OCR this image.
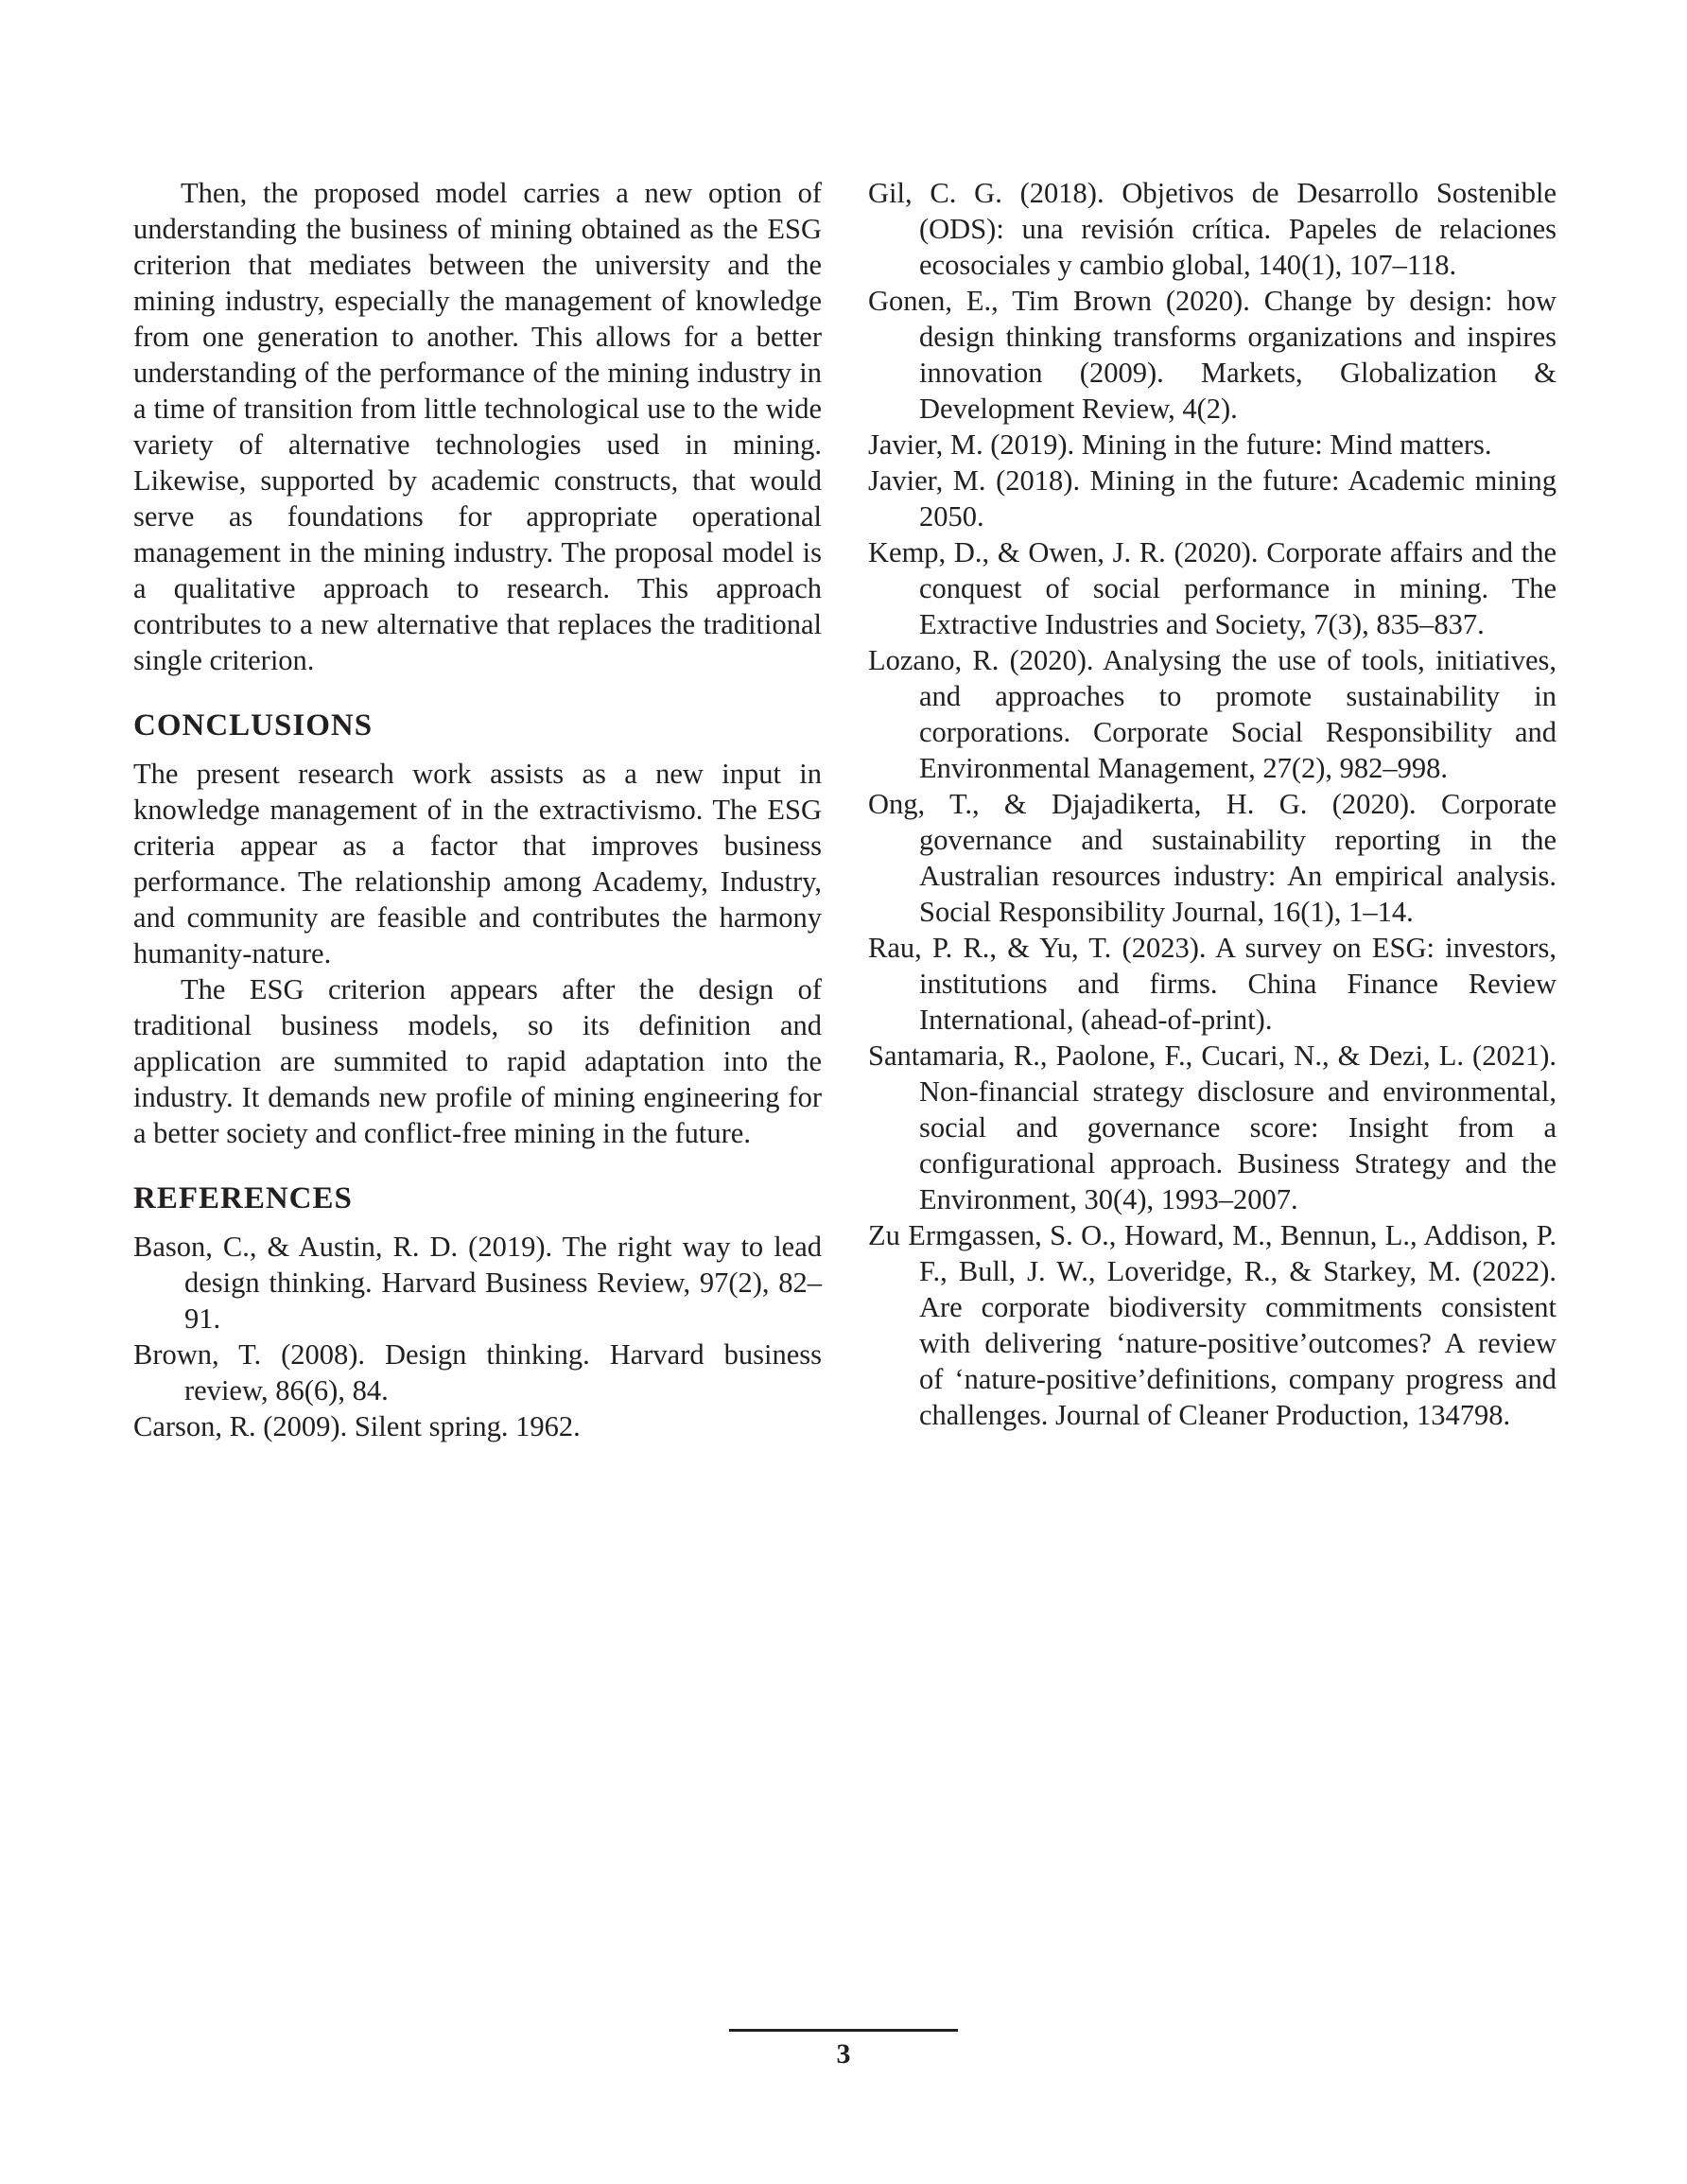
Then, the proposed model carries a new option of understanding the business of mining obtained as the ESG criterion that mediates between the university and the mining industry, especially the management of knowledge from one generation to another. This allows for a better understanding of the performance of the mining industry in a time of transition from little technological use to the wide variety of alternative technologies used in mining. Likewise, supported by academic constructs, that would serve as foundations for appropriate operational management in the mining industry. The proposal model is a qualitative approach to research. This approach contributes to a new alternative that replaces the traditional single criterion.

CONCLUSIONS

The present research work assists as a new input in knowledge management of in the extractivismo. The ESG criteria appear as a factor that improves business performance. The relationship among Academy, Industry, and community are feasible and contributes the harmony humanity-nature.

The ESG criterion appears after the design of traditional business models, so its definition and application are summited to rapid adaptation into the industry. It demands new profile of mining engineering for a better society and conflict-free mining in the future.

REFERENCES
Bason, C., & Austin, R. D. (2019). The right way to lead design thinking. Harvard Business Review, 97(2), 82–91.
Brown, T. (2008). Design thinking. Harvard business review, 86(6), 84.
Carson, R. (2009). Silent spring. 1962.
Gil, C. G. (2018). Objetivos de Desarrollo Sostenible (ODS): una revisión crítica. Papeles de relaciones ecosociales y cambio global, 140(1), 107–118.
Gonen, E., Tim Brown (2020). Change by design: how design thinking transforms organizations and inspires innovation (2009). Markets, Globalization & Development Review, 4(2).
Javier, M. (2019). Mining in the future: Mind matters.
Javier, M. (2018). Mining in the future: Academic mining 2050.
Kemp, D., & Owen, J. R. (2020). Corporate affairs and the conquest of social performance in mining. The Extractive Industries and Society, 7(3), 835–837.
Lozano, R. (2020). Analysing the use of tools, initiatives, and approaches to promote sustainability in corporations. Corporate Social Responsibility and Environmental Management, 27(2), 982–998.
Ong, T., & Djajadikerta, H. G. (2020). Corporate governance and sustainability reporting in the Australian resources industry: An empirical analysis. Social Responsibility Journal, 16(1), 1–14.
Rau, P. R., & Yu, T. (2023). A survey on ESG: investors, institutions and firms. China Finance Review International, (ahead-of-print).
Santamaria, R., Paolone, F., Cucari, N., & Dezi, L. (2021). Non-financial strategy disclosure and environmental, social and governance score: Insight from a configurational approach. Business Strategy and the Environment, 30(4), 1993–2007.
Zu Ermgassen, S. O., Howard, M., Bennun, L., Addison, P. F., Bull, J. W., Loveridge, R., & Starkey, M. (2022). Are corporate biodiversity commitments consistent with delivering ‘nature-positive’outcomes? A review of ‘nature-positive’definitions, company progress and challenges. Journal of Cleaner Production, 134798.
3
